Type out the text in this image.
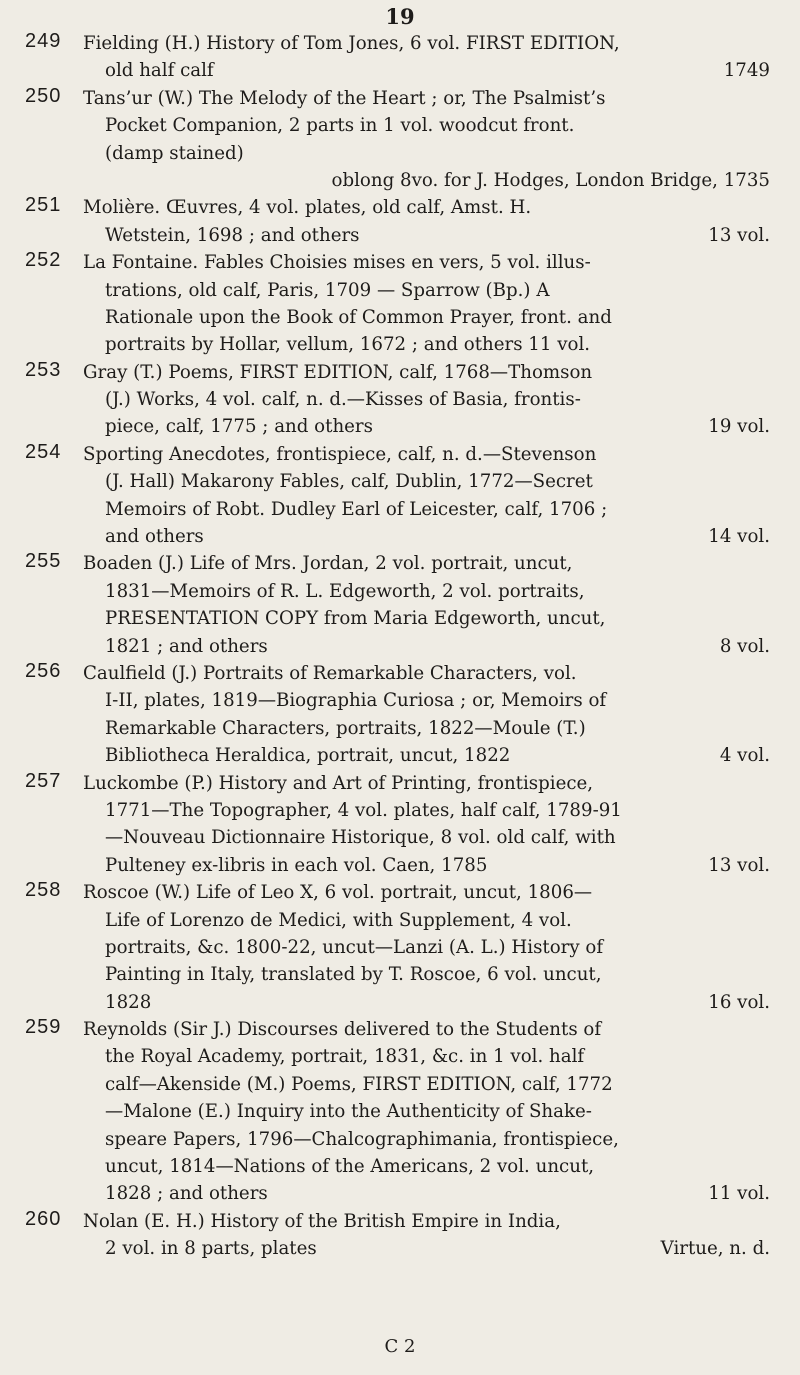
19
249 Fielding (H.) History of Tom Jones, 6 vol. FIRST EDITION,
old half calf	1749
250 Tans’ur (W.) The Melody of the Heart ; or, The Psalmist’s
Pocket Companion, 2 parts in 1 vol. woodcut front.
(damp stained)
oblong 8vo. for J. Hodges, London Bridge, 1735
251 Molière. Œuvres, 4 vol. plates, old calf, Amst. H.
Wetstein, 1698 ; and others	13 vol.
252 La Fontaine. Fables Choisies mises en vers, 5 vol. illus-
trations, old calf, Paris, 1709 — Sparrow (Bp.) A
Rationale upon the Book of Common Prayer, front. and
portraits by Hollar, vellum, 1672 ; and others 11 vol.
253 Gray (T.) Poems, FIRST EDITION, calf, 1768—Thomson
(J.) Works, 4 vol. calf, n. d.—Kisses of Basia, frontis-
piece, calf, 1775 ; and others	19 vol.
254 Sporting Anecdotes, frontispiece, calf, n. d.—Stevenson
(J. Hall) Makarony Fables, calf, Dublin, 1772—Secret
Memoirs of Robt. Dudley Earl of Leicester, calf, 1706 ;
and others	14 vol.
255 Boaden (J.) Life of Mrs. Jordan, 2 vol. portrait, uncut,
1831—Memoirs of R. L. Edgeworth, 2 vol. portraits,
PRESENTATION COPY from Maria Edgeworth, uncut,
1821 ; and others	8 vol.
256 Caulfield (J.) Portraits of Remarkable Characters, vol.
I-II, plates, 1819—Biographia Curiosa ; or, Memoirs of
Remarkable Characters, portraits, 1822—Moule (T.)
Bibliotheca Heraldica, portrait, uncut, 1822	4 vol.
257 Luckombe (P.) History and Art of Printing, frontispiece,
1771—The Topographer, 4 vol. plates, half calf, 1789-91
—Nouveau Dictionnaire Historique, 8 vol. old calf, with
Pulteney ex-libris in each vol. Caen, 1785	13 vol.
258 Roscoe (W.) Life of Leo X, 6 vol. portrait, uncut, 1806—
Life of Lorenzo de Medici, with Supplement, 4 vol.
portraits, &c. 1800-22, uncut—Lanzi (A. L.) History of
Painting in Italy, translated by T. Roscoe, 6 vol. uncut,
1828	16 vol.
259 Reynolds (Sir J.) Discourses delivered to the Students of
the Royal Academy, portrait, 1831, &c. in 1 vol. half
calf—Akenside (M.) Poems, FIRST EDITION, calf, 1772
—Malone (E.) Inquiry into the Authenticity of Shake-
speare Papers, 1796—Chalcographimania, frontispiece,
uncut, 1814—Nations of the Americans, 2 vol. uncut,
1828 ; and others	11 vol.
260 Nolan (E. H.) History of the British Empire in India,
2 vol. in 8 parts, plates	Virtue, n. d.
C 2
